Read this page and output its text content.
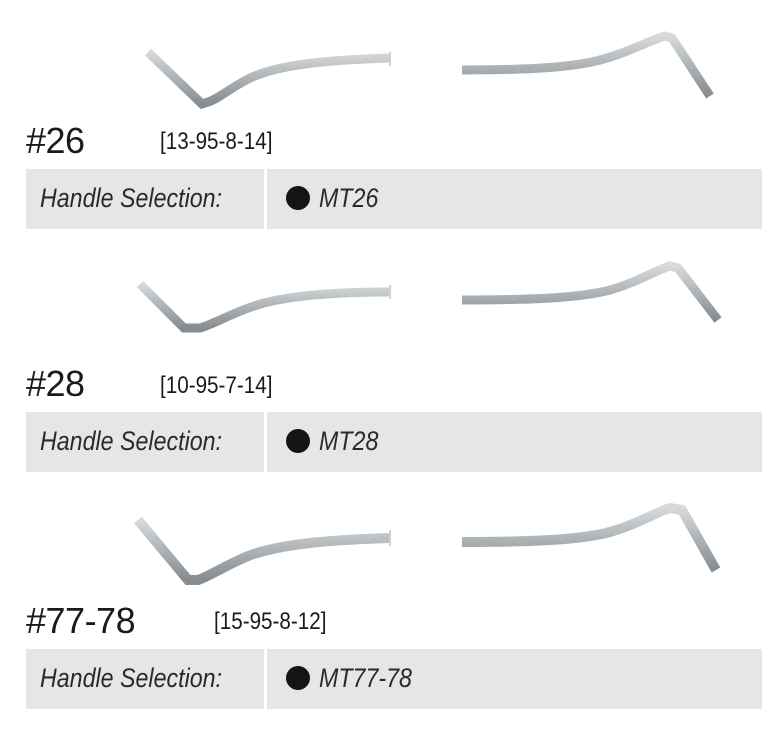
#26	[13-95-8-14]
Handle Selection:	MT26
#28	[10-95-7-14]
Handle Selection:	MT28
#77-78	[15-95-8-12]
Handle Selection:	MT77-78
